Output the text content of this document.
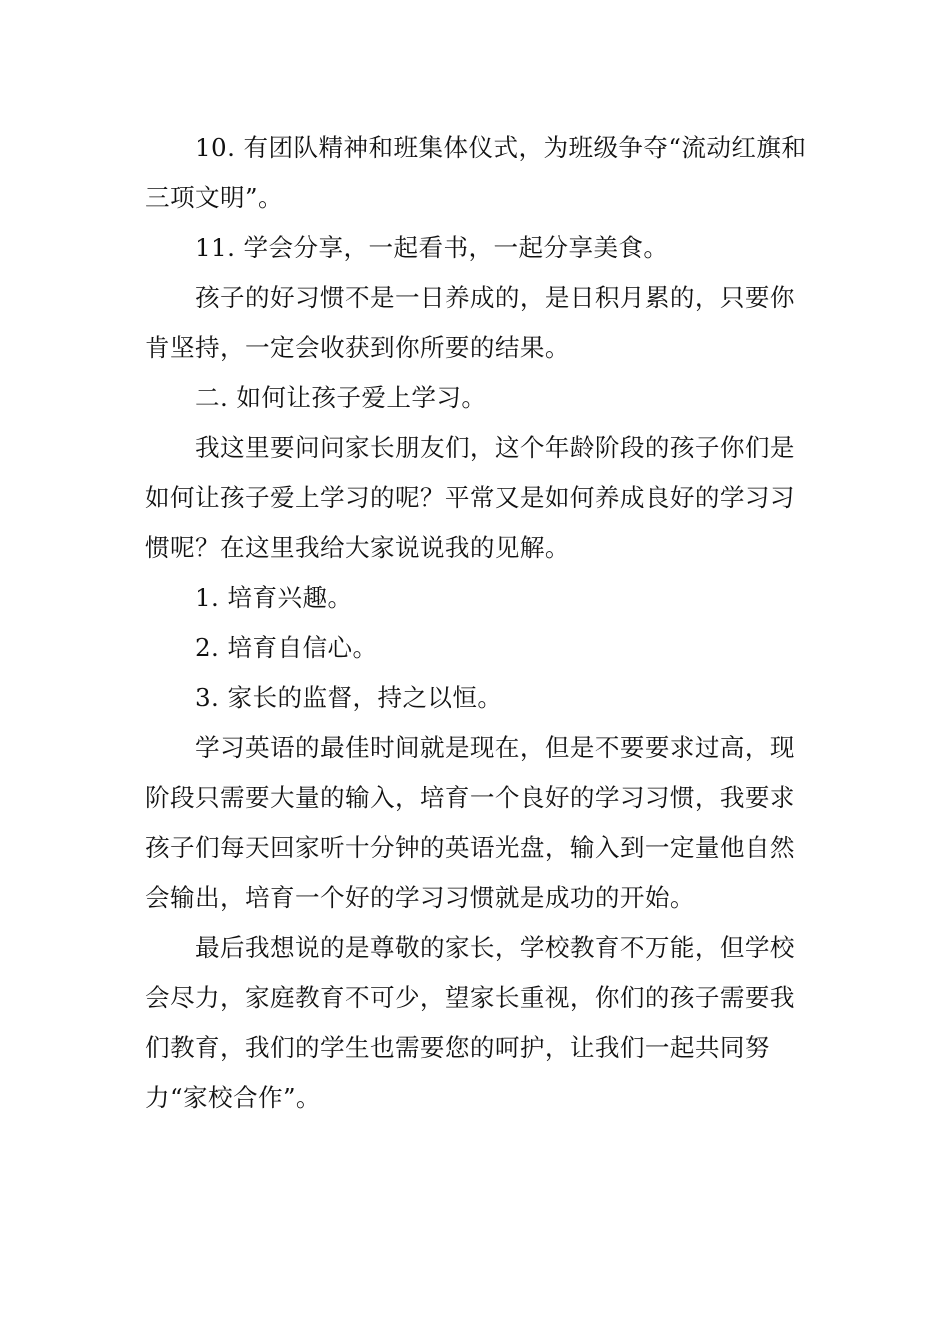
10. 有团队精神和班集体仪式，为班级争夺“流动红旗和三项文明”。

11. 学会分享，一起看书，一起分享美食。

孩子的好习惯不是一日养成的，是日积月累的，只要你肯坚持，一定会收获到你所要的结果。

二. 如何让孩子爱上学习。

我这里要问问家长朋友们，这个年龄阶段的孩子你们是如何让孩子爱上学习的呢？平常又是如何养成良好的学习习惯呢？在这里我给大家说说我的见解。

1. 培育兴趣。

2. 培育自信心。

3. 家长的监督，持之以恒。

学习英语的最佳时间就是现在，但是不要要求过高，现阶段只需要大量的输入，培育一个良好的学习习惯，我要求孩子们每天回家听十分钟的英语光盘，输入到一定量他自然会输出，培育一个好的学习习惯就是成功的开始。

最后我想说的是尊敬的家长，学校教育不万能，但学校会尽力，家庭教育不可少，望家长重视，你们的孩子需要我们教育，我们的学生也需要您的呵护，让我们一起共同努力“家校合作”。
